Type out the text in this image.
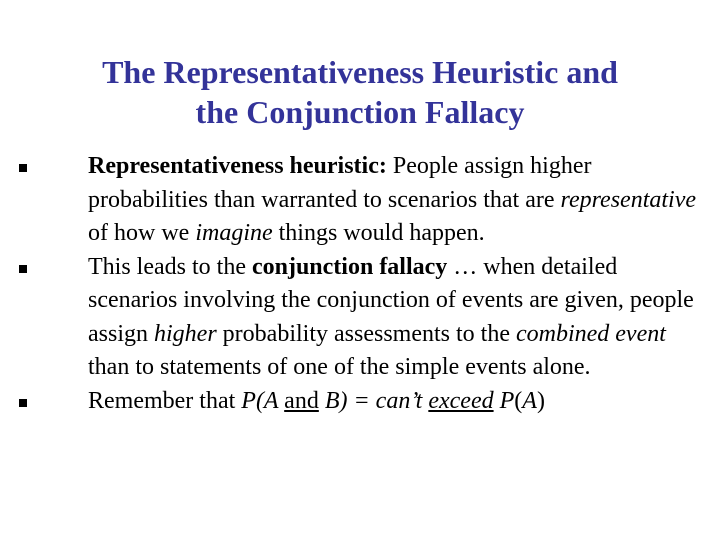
The Representativeness Heuristic and
the Conjunction Fallacy
Representativeness heuristic: People assign higher probabilities than warranted to scenarios that are representative of how we imagine things would happen.
This leads to the conjunction fallacy … when detailed scenarios involving the conjunction of events are given, people assign higher probability assessments to the combined event than to statements of one of the simple events alone.
Remember that P(A and B) = can’t exceed P(A)
